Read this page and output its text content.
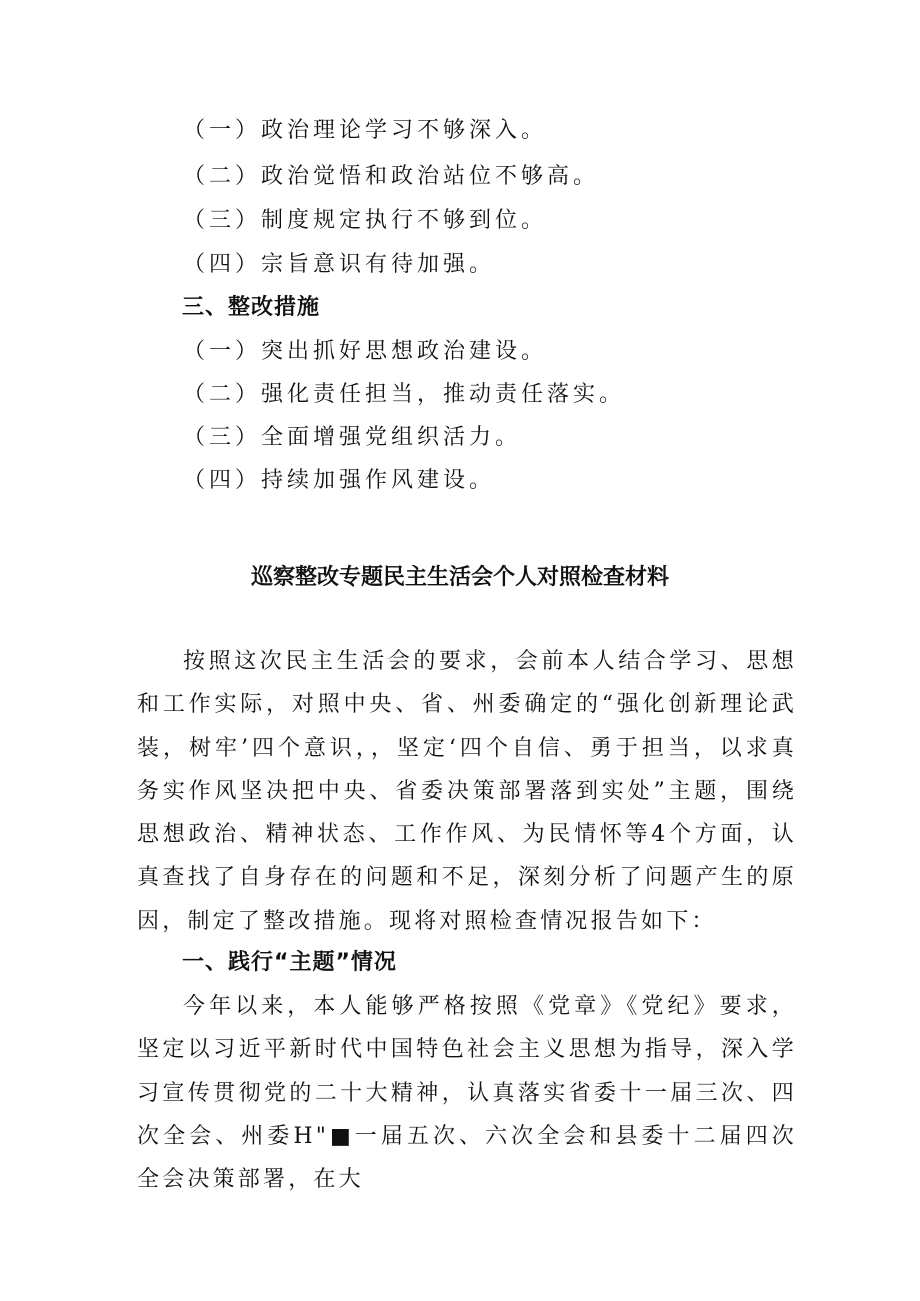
（一）政治理论学习不够深入。
（二）政治觉悟和政治站位不够高。
（三）制度规定执行不够到位。
（四）宗旨意识有待加强。
三、整改措施
（一）突出抓好思想政治建设。
（二）强化责任担当，推动责任落实。
（三）全面增强党组织活力。
（四）持续加强作风建设。
巡察整改专题民主生活会个人对照检查材料

按照这次民主生活会的要求，会前本人结合学习、思想和工作实际，对照中央、省、州委确定的“强化创新理论武装，树牢’四个意识，，坚定‘四个自信、勇于担当，以求真务实作风坚决把中央、省委决策部署落到实处”主题，围绕思想政治、精神状态、工作作风、为民情怀等4个方面，认真查找了自身存在的问题和不足，深刻分析了问题产生的原因，制定了整改措施。现将对照检查情况报告如下：

一、践行“主题”情况

今年以来，本人能够严格按照《党章》《党纪》要求，坚定以习近平新时代中国特色社会主义思想为指导，深入学习宣传贯彻党的二十大精神，认真落实省委十一届三次、四次全会、州委H"■一届五次、六次全会和县委十二届四次全会决策部署，在大
